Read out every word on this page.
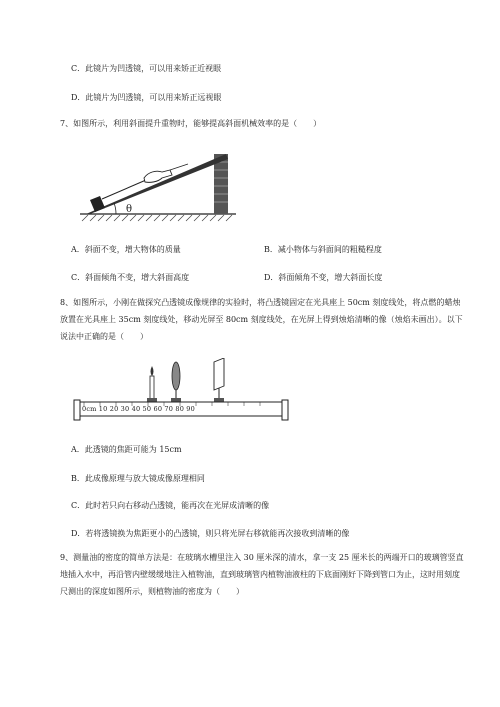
C．此镜片为凹透镜，可以用来矫正近视眼
D．此镜片为凹透镜，可以用来矫正远视眼
7、如图所示，利用斜面提升重物时，能够提高斜面机械效率的是（　　）
θ
A．斜面不变，增大物体的质量	B．减小物体与斜面间的粗糙程度
C．斜面倾角不变，增大斜面高度	D．斜面倾角不变，增大斜面长度
8、如图所示，小刚在做探究凸透镜成像规律的实验时，将凸透镜固定在光具座上 50cm 刻度线处，将点燃的蜡烛放置在光具座上 35cm 刻度线处，移动光屏至 80cm 刻度线处，在光屏上得到烛焰清晰的像（烛焰未画出）。以下说法中正确的是（　　）
0cm 10 20 30 40 50 60 70 80 90
A．此透镜的焦距可能为 15cm
B．此成像原理与放大镜成像原理相同
C．此时若只向右移动凸透镜，能再次在光屏成清晰的像
D．若将透镜换为焦距更小的凸透镜，则只将光屏右移就能再次接收到清晰的像
9、测量油的密度的简单方法是：在玻璃水槽里注入 30 厘米深的清水，拿一支 25 厘米长的两端开口的玻璃管竖直地插入水中，再沿管内壁缓缓地注入植物油，直到玻璃管内植物油液柱的下底面刚好下降到管口为止，这时用刻度尺测出的深度如图所示，则植物油的密度为（　　）
